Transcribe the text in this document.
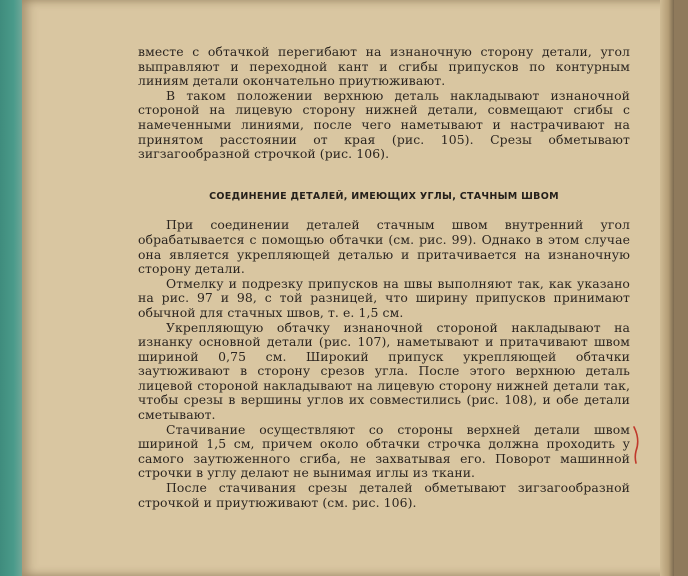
вместе с обтачкой перегибают на изнаночную сторону детали, угол выправляют и переходной кант и сгибы припусков по контурным линиям детали окончательно приутюживают.

В таком положении верхнюю деталь накладывают изнаночной стороной на лицевую сторону нижней детали, совмещают сгибы с намеченными линиями, после чего наметывают и настрачивают на принятом расстоянии от края (рис. 105). Срезы обметывают зигзагообразной строчкой (рис. 106).

СОЕДИНЕНИЕ ДЕТАЛЕЙ, ИМЕЮЩИХ УГЛЫ, СТАЧНЫМ ШВОМ

При соединении деталей стачным швом внутренний угол обрабатывается с помощью обтачки (см. рис. 99). Однако в этом случае она является укрепляющей деталью и притачивается на изнаночную сторону детали.

Отмелку и подрезку припусков на швы выполняют так, как указано на рис. 97 и 98, с той разницей, что ширину припусков принимают обычной для стачных швов, т. е. 1,5 см.

Укрепляющую обтачку изнаночной стороной накладывают на изнанку основной детали (рис. 107), наметывают и притачивают швом шириной 0,75 см. Широкий припуск укрепляющей обтачки заутюживают в сторону срезов угла. После этого верхнюю деталь лицевой стороной накладывают на лицевую сторону нижней детали так, чтобы срезы в вершины углов их совместились (рис. 108), и обе детали сметывают.

Стачивание осуществляют со стороны верхней детали швом шириной 1,5 см, причем около обтачки строчка должна проходить у самого заутюженного сгиба, не захватывая его. Поворот машинной строчки в углу делают не вынимая иглы из ткани.

После стачивания срезы деталей обметывают зигзагообразной строчкой и приутюживают (см. рис. 106).
